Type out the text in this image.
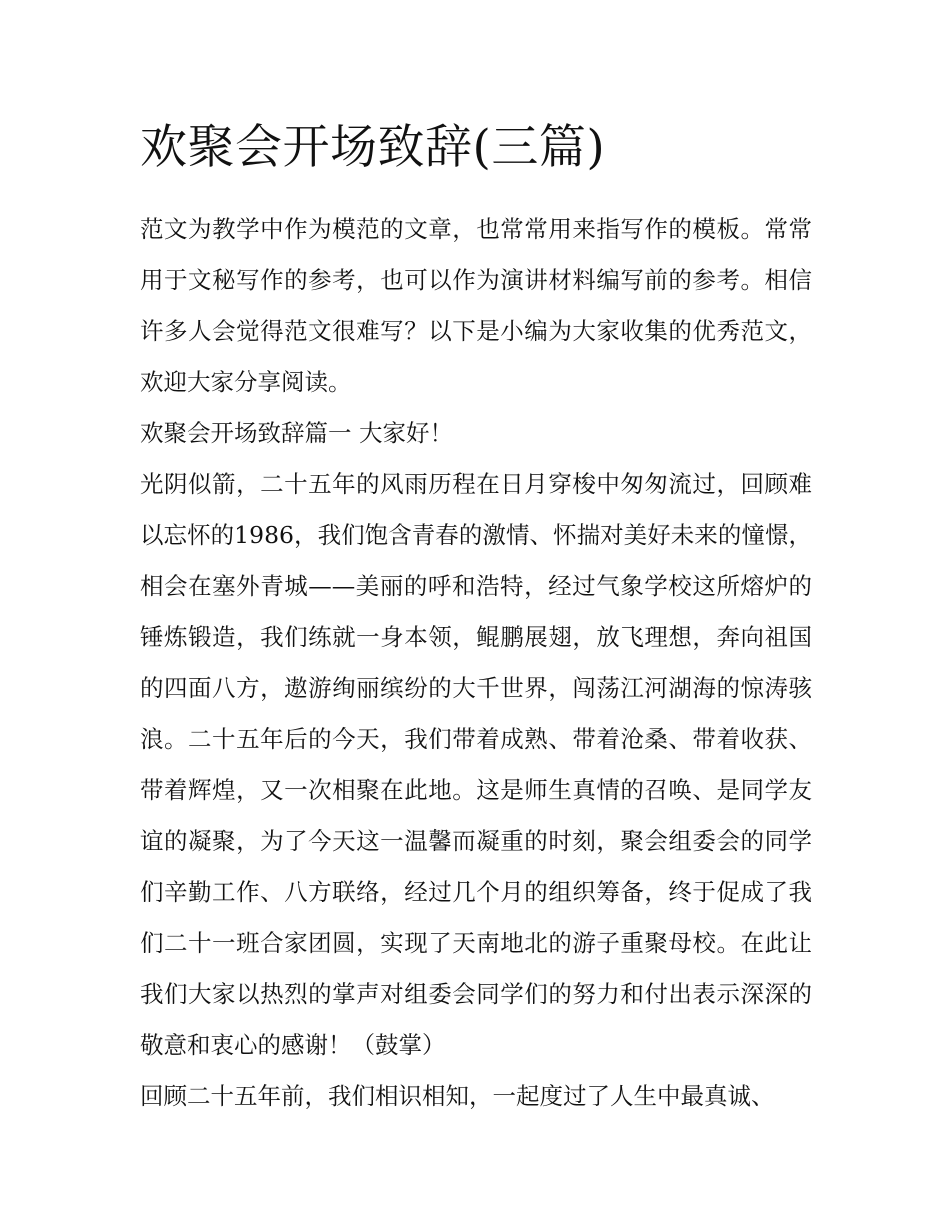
欢聚会开场致辞(三篇)

范文为教学中作为模范的文章，也常常用来指写作的模板。常常用于文秘写作的参考，也可以作为演讲材料编写前的参考。相信许多人会觉得范文很难写？以下是小编为大家收集的优秀范文，欢迎大家分享阅读。

欢聚会开场致辞篇一 大家好！

光阴似箭，二十五年的风雨历程在日月穿梭中匆匆流过，回顾难以忘怀的1986，我们饱含青春的激情、怀揣对美好未来的憧憬，相会在塞外青城——美丽的呼和浩特，经过气象学校这所熔炉的锤炼锻造，我们练就一身本领，鲲鹏展翅，放飞理想，奔向祖国的四面八方，遨游绚丽缤纷的大千世界，闯荡江河湖海的惊涛骇浪。二十五年后的今天，我们带着成熟、带着沧桑、带着收获、带着辉煌，又一次相聚在此地。这是师生真情的召唤、是同学友谊的凝聚，为了今天这一温馨而凝重的时刻，聚会组委会的同学们辛勤工作、八方联络，经过几个月的组织筹备，终于促成了我们二十一班合家团圆，实现了天南地北的游子重聚母校。在此让我们大家以热烈的掌声对组委会同学们的努力和付出表示深深的敬意和衷心的感谢！（鼓掌）

回顾二十五年前，我们相识相知，一起度过了人生中最真诚、
